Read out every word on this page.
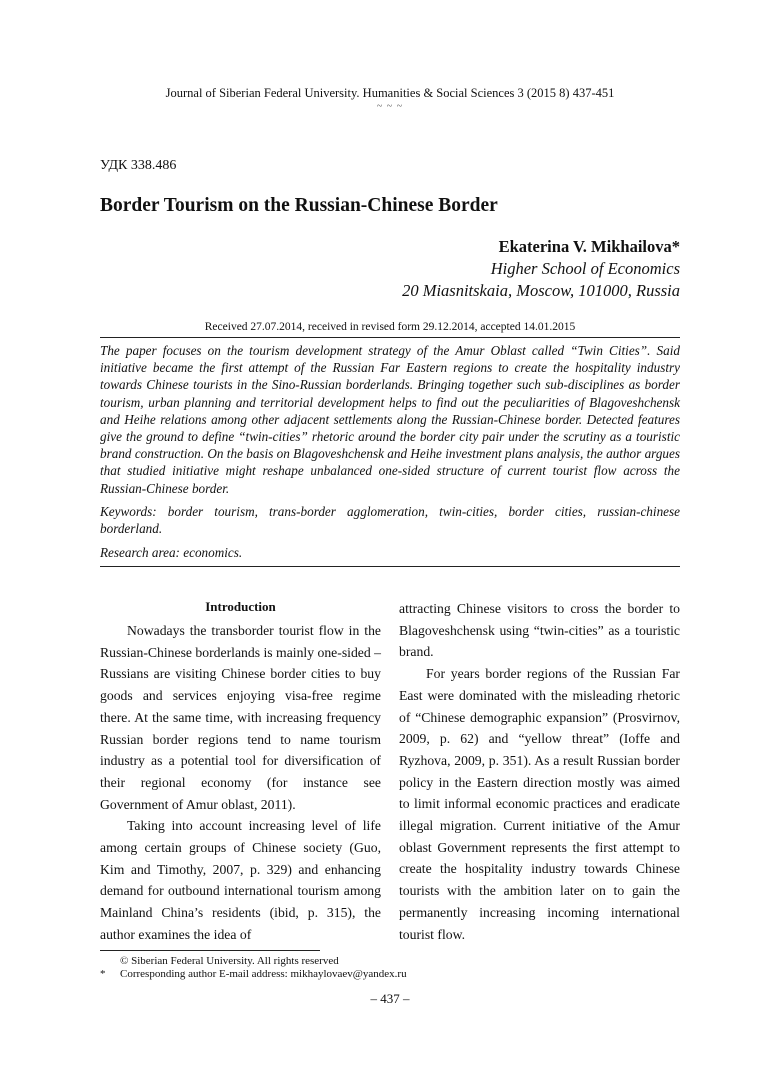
Journal of Siberian Federal University. Humanities & Social Sciences 3 (2015 8) 437-451
~ ~ ~
УДК 338.486
Border Tourism on the Russian-Chinese Border
Ekaterina V. Mikhailova*
Higher School of Economics
20 Miasnitskaia, Moscow, 101000, Russia
Received 27.07.2014, received in revised form 29.12.2014, accepted 14.01.2015

The paper focuses on the tourism development strategy of the Amur Oblast called “Twin Cities”. Said initiative became the first attempt of the Russian Far Eastern regions to create the hospitality industry towards Chinese tourists in the Sino-Russian borderlands. Bringing together such sub-disciplines as border tourism, urban planning and territorial development helps to find out the peculiarities of Blagoveshchensk and Heihe relations among other adjacent settlements along the Russian-Chinese border. Detected features give the ground to define “twin-cities” rhetoric around the border city pair under the scrutiny as a touristic brand construction. On the basis on Blagoveshchensk and Heihe investment plans analysis, the author argues that studied initiative might reshape unbalanced one-sided structure of current tourist flow across the Russian-Chinese border.

Keywords: border tourism, trans-border agglomeration, twin-cities, border cities, russian-chinese borderland.

Research area: economics.

Introduction

Nowadays the transborder tourist flow in the Russian-Chinese borderlands is mainly one-sided – Russians are visiting Chinese border cities to buy goods and services enjoying visa-free regime there. At the same time, with increasing frequency Russian border regions tend to name tourism industry as a potential tool for diversification of their regional economy (for instance see Government of Amur oblast, 2011).

Taking into account increasing level of life among certain groups of Chinese society (Guo, Kim and Timothy, 2007, p. 329) and enhancing demand for outbound international tourism among Mainland China’s residents (ibid, p. 315), the author examines the idea of

attracting Chinese visitors to cross the border to Blagoveshchensk using “twin-cities” as a touristic brand.

For years border regions of the Russian Far East were dominated with the misleading rhetoric of “Chinese demographic expansion” (Prosvirnov, 2009, p. 62) and “yellow threat” (Ioffe and Ryzhova, 2009, p. 351). As a result Russian border policy in the Eastern direction mostly was aimed to limit informal economic practices and eradicate illegal migration. Current initiative of the Amur oblast Government represents the first attempt to create the hospitality industry towards Chinese tourists with the ambition later on to gain the permanently increasing incoming international tourist flow.

© Siberian Federal University. All rights reserved
* Corresponding author E-mail address: mikhaylovaev@yandex.ru
– 437 –
